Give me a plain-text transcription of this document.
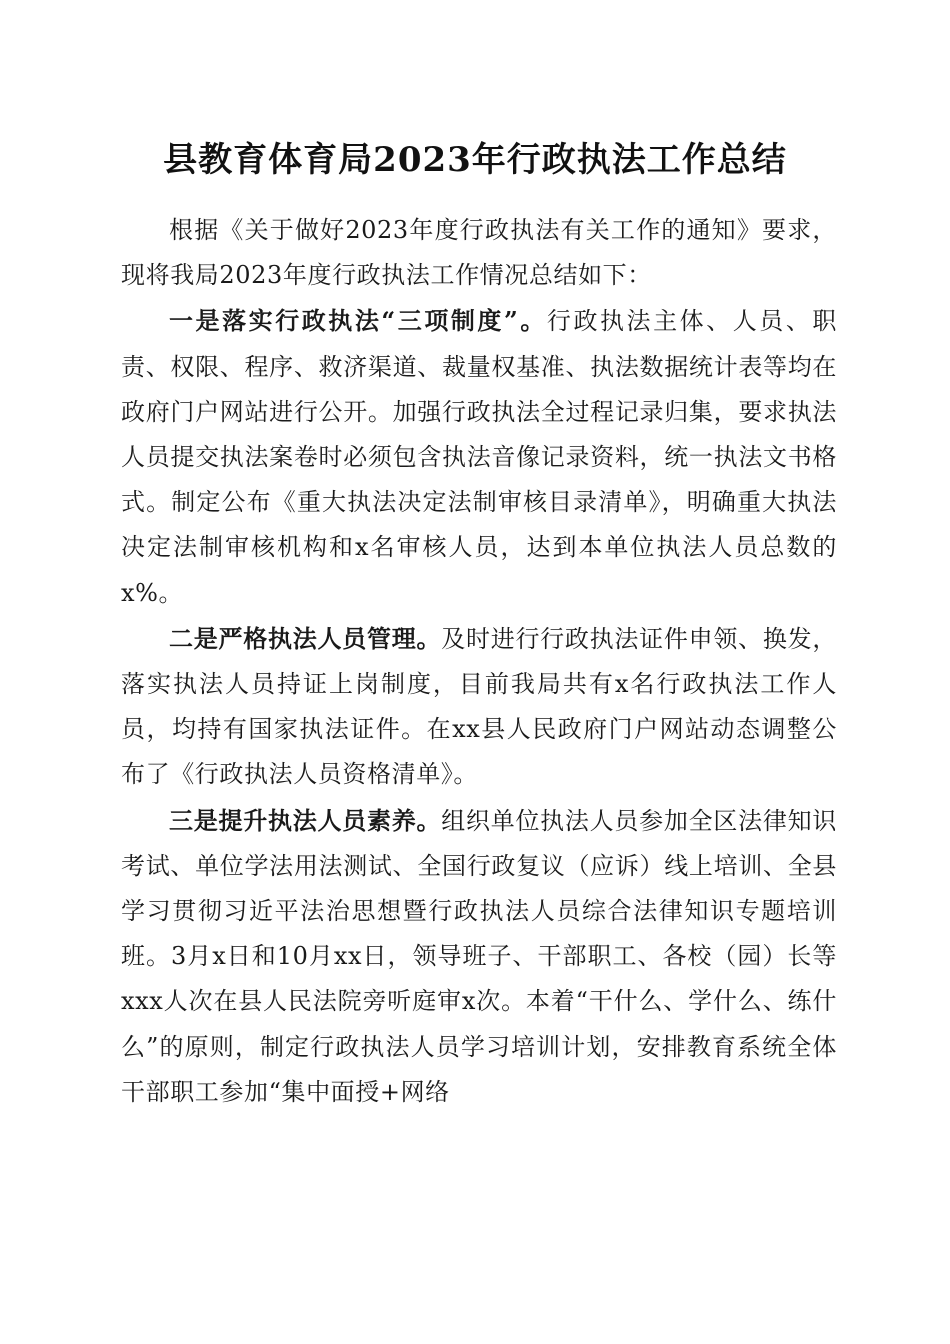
县教育体育局2023年行政执法工作总结

根据《关于做好2023年度行政执法有关工作的通知》要求，现将我局2023年度行政执法工作情况总结如下：

一是落实行政执法“三项制度”。行政执法主体、人员、职责、权限、程序、救济渠道、裁量权基准、执法数据统计表等均在政府门户网站进行公开。加强行政执法全过程记录归集，要求执法人员提交执法案卷时必须包含执法音像记录资料，统一执法文书格式。制定公布《重大执法决定法制审核目录清单》，明确重大执法决定法制审核机构和x名审核人员，达到本单位执法人员总数的x%。

二是严格执法人员管理。及时进行行政执法证件申领、换发，落实执法人员持证上岗制度，目前我局共有x名行政执法工作人员，均持有国家执法证件。在xx县人民政府门户网站动态调整公布了《行政执法人员资格清单》。

三是提升执法人员素养。组织单位执法人员参加全区法律知识考试、单位学法用法测试、全国行政复议（应诉）线上培训、全县学习贯彻习近平法治思想暨行政执法人员综合法律知识专题培训班。3月x日和10月xx日，领导班子、干部职工、各校（园）长等xxx人次在县人民法院旁听庭审x次。本着“干什么、学什么、练什么”的原则，制定行政执法人员学习培训计划，安排教育系统全体干部职工参加“集中面授+网络
